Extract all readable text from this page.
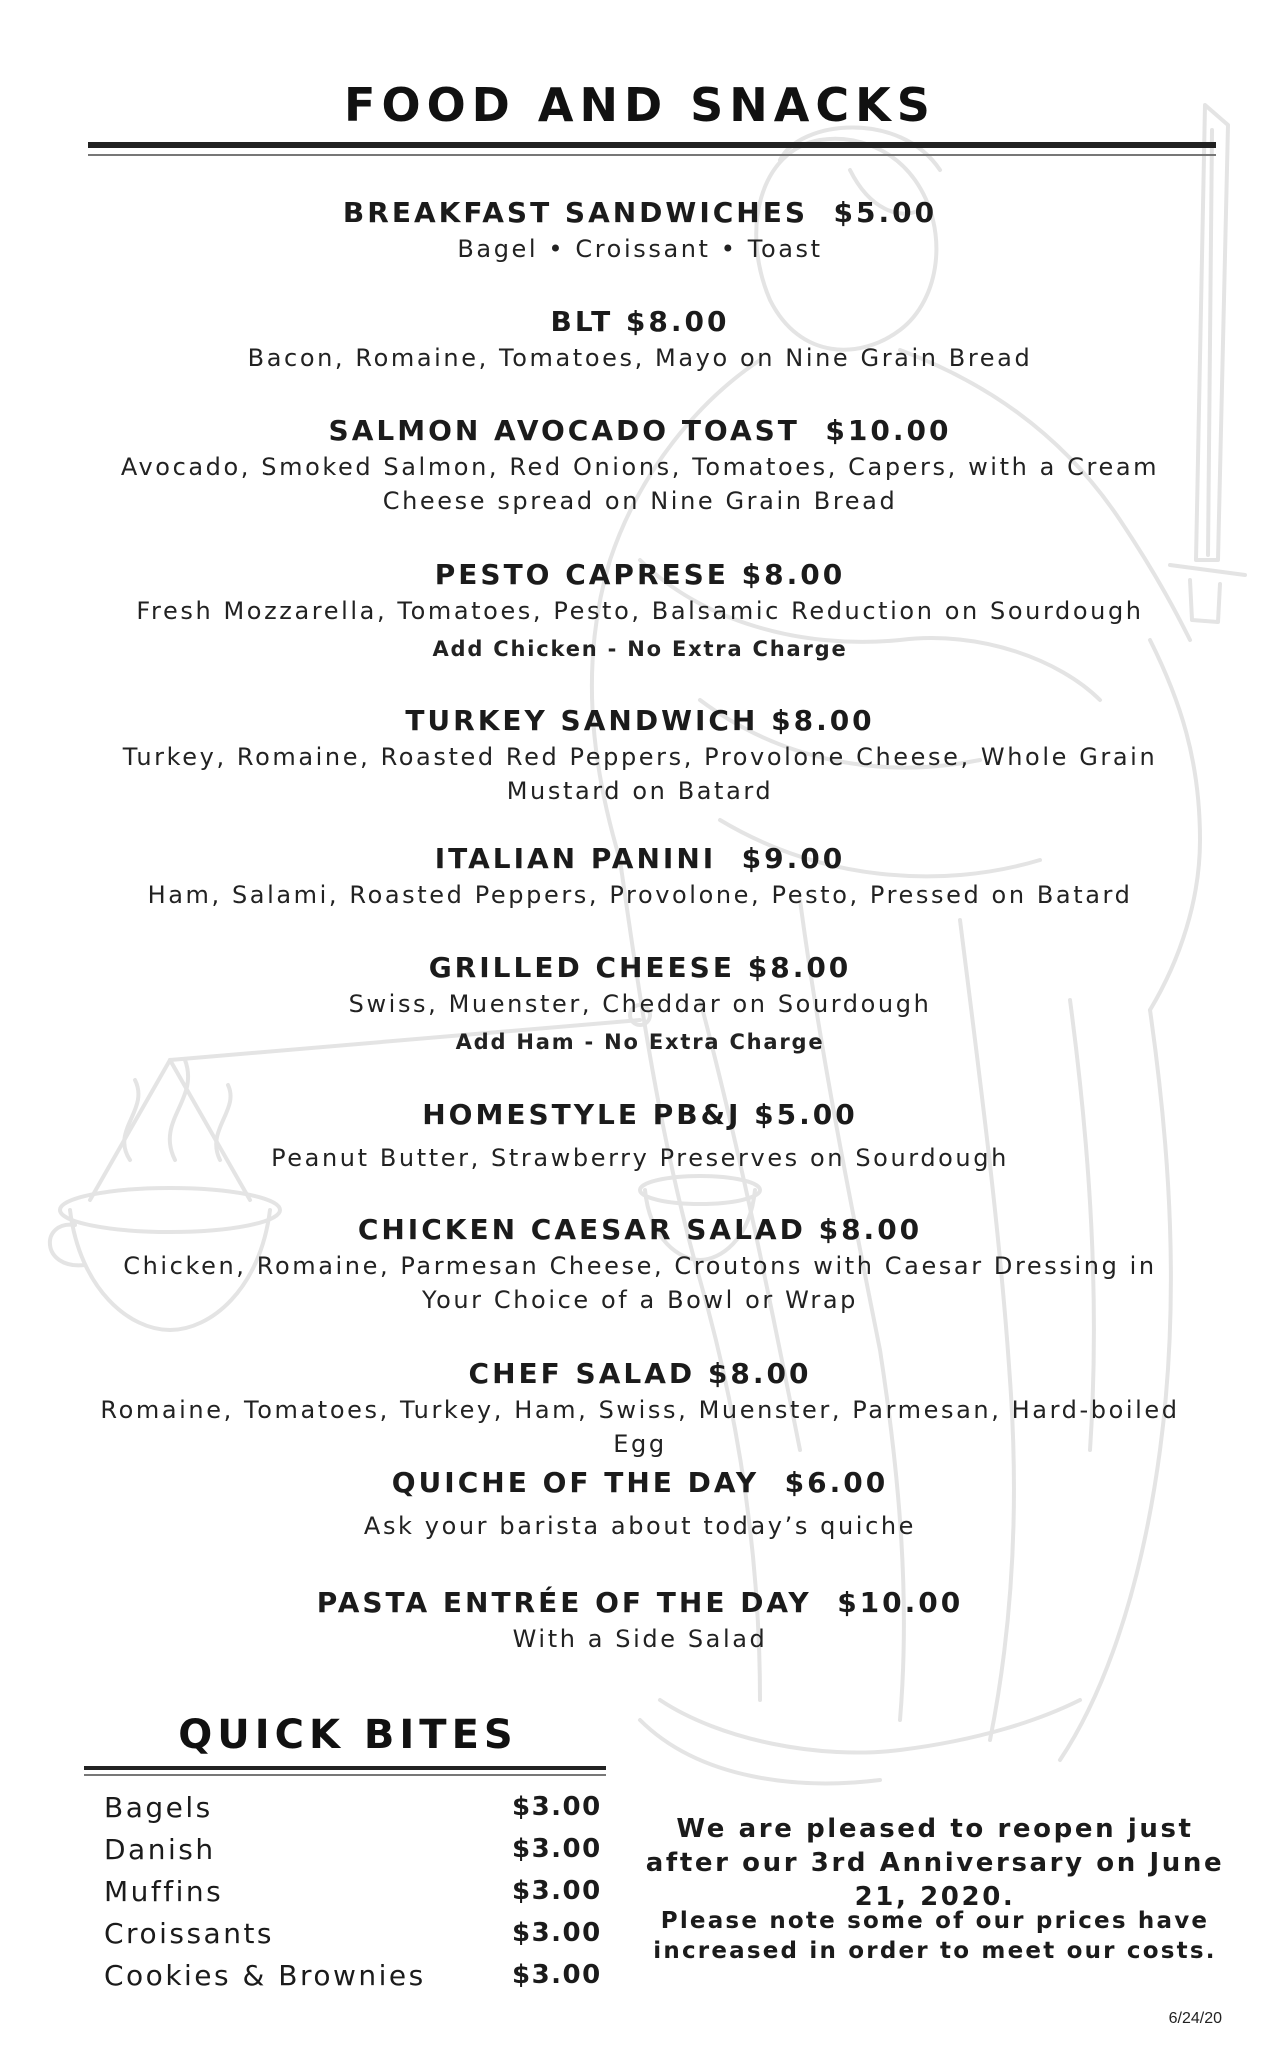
FOOD AND SNACKS
BREAKFAST SANDWICHES  $5.00
Bagel • Croissant • Toast
BLT $8.00
Bacon, Romaine, Tomatoes, Mayo on Nine Grain Bread
SALMON AVOCADO TOAST  $10.00
Avocado, Smoked Salmon, Red Onions, Tomatoes, Capers, with a Cream Cheese spread on Nine Grain Bread
PESTO CAPRESE $8.00
Fresh Mozzarella, Tomatoes, Pesto, Balsamic Reduction on Sourdough
Add Chicken - No Extra Charge
TURKEY SANDWICH $8.00
Turkey, Romaine, Roasted Red Peppers, Provolone Cheese, Whole Grain Mustard on Batard
ITALIAN PANINI  $9.00
Ham, Salami, Roasted Peppers, Provolone, Pesto, Pressed on Batard
GRILLED CHEESE $8.00
Swiss, Muenster, Cheddar on Sourdough
Add Ham - No Extra Charge
HOMESTYLE PB&J $5.00
Peanut Butter, Strawberry Preserves on Sourdough
CHICKEN CAESAR SALAD $8.00
Chicken, Romaine, Parmesan Cheese, Croutons with Caesar Dressing in Your Choice of a Bowl or Wrap
CHEF SALAD $8.00
Romaine, Tomatoes, Turkey, Ham, Swiss, Muenster, Parmesan, Hard-boiled Egg
QUICHE OF THE DAY  $6.00
Ask your barista about today’s quiche
PASTA ENTRÉE OF THE DAY  $10.00
With a Side Salad
QUICK BITES
Bagels	$3.00
Danish	$3.00
Muffins	$3.00
Croissants	$3.00
Cookies & Brownies	$3.00
We are pleased to reopen just after our 3rd Anniversary on June 21, 2020.
Please note some of our prices have increased in order to meet our costs.
6/24/20
